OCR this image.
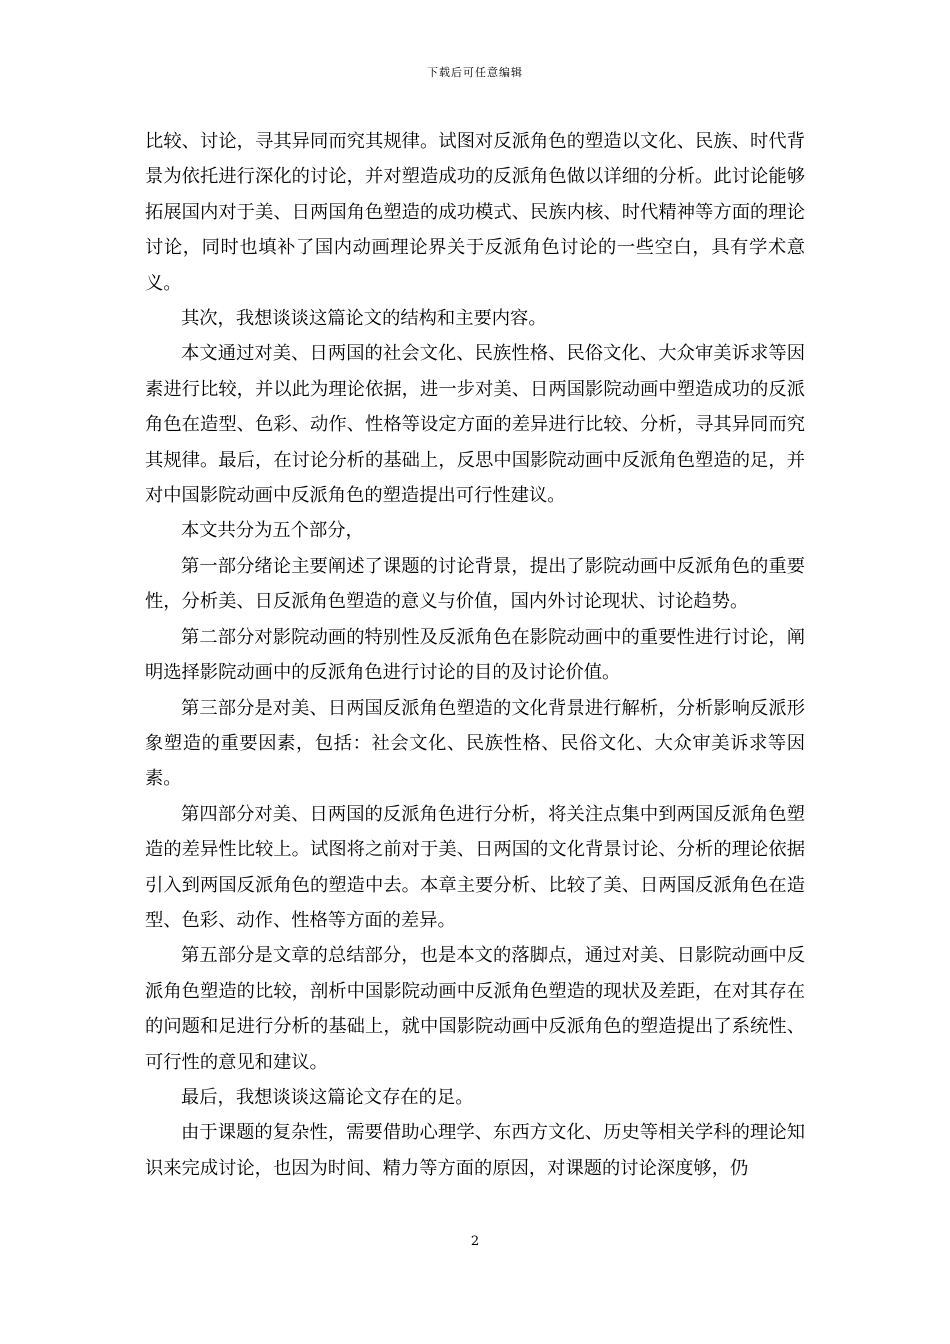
下载后可任意编辑

比较、讨论，寻其异同而究其规律。试图对反派角色的塑造以文化、民族、时代背景为依托进行深化的讨论，并对塑造成功的反派角色做以详细的分析。此讨论能够拓展国内对于美、日两国角色塑造的成功模式、民族内核、时代精神等方面的理论讨论，同时也填补了国内动画理论界关于反派角色讨论的一些空白，具有学术意义。

其次，我想谈谈这篇论文的结构和主要内容。

本文通过对美、日两国的社会文化、民族性格、民俗文化、大众审美诉求等因素进行比较，并以此为理论依据，进一步对美、日两国影院动画中塑造成功的反派角色在造型、色彩、动作、性格等设定方面的差异进行比较、分析，寻其异同而究其规律。最后，在讨论分析的基础上，反思中国影院动画中反派角色塑造的足，并对中国影院动画中反派角色的塑造提出可行性建议。

本文共分为五个部分，

第一部分绪论主要阐述了课题的讨论背景，提出了影院动画中反派角色的重要性，分析美、日反派角色塑造的意义与价值，国内外讨论现状、讨论趋势。

第二部分对影院动画的特别性及反派角色在影院动画中的重要性进行讨论，阐明选择影院动画中的反派角色进行讨论的目的及讨论价值。

第三部分是对美、日两国反派角色塑造的文化背景进行解析，分析影响反派形象塑造的重要因素，包括：社会文化、民族性格、民俗文化、大众审美诉求等因素。

第四部分对美、日两国的反派角色进行分析，将关注点集中到两国反派角色塑造的差异性比较上。试图将之前对于美、日两国的文化背景讨论、分析的理论依据引入到两国反派角色的塑造中去。本章主要分析、比较了美、日两国反派角色在造型、色彩、动作、性格等方面的差异。

第五部分是文章的总结部分，也是本文的落脚点，通过对美、日影院动画中反派角色塑造的比较，剖析中国影院动画中反派角色塑造的现状及差距，在对其存在的问题和足进行分析的基础上，就中国影院动画中反派角色的塑造提出了系统性、可行性的意见和建议。

最后，我想谈谈这篇论文存在的足。

由于课题的复杂性，需要借助心理学、东西方文化、历史等相关学科的理论知识来完成讨论，也因为时间、精力等方面的原因，对课题的讨论深度够，仍

2
